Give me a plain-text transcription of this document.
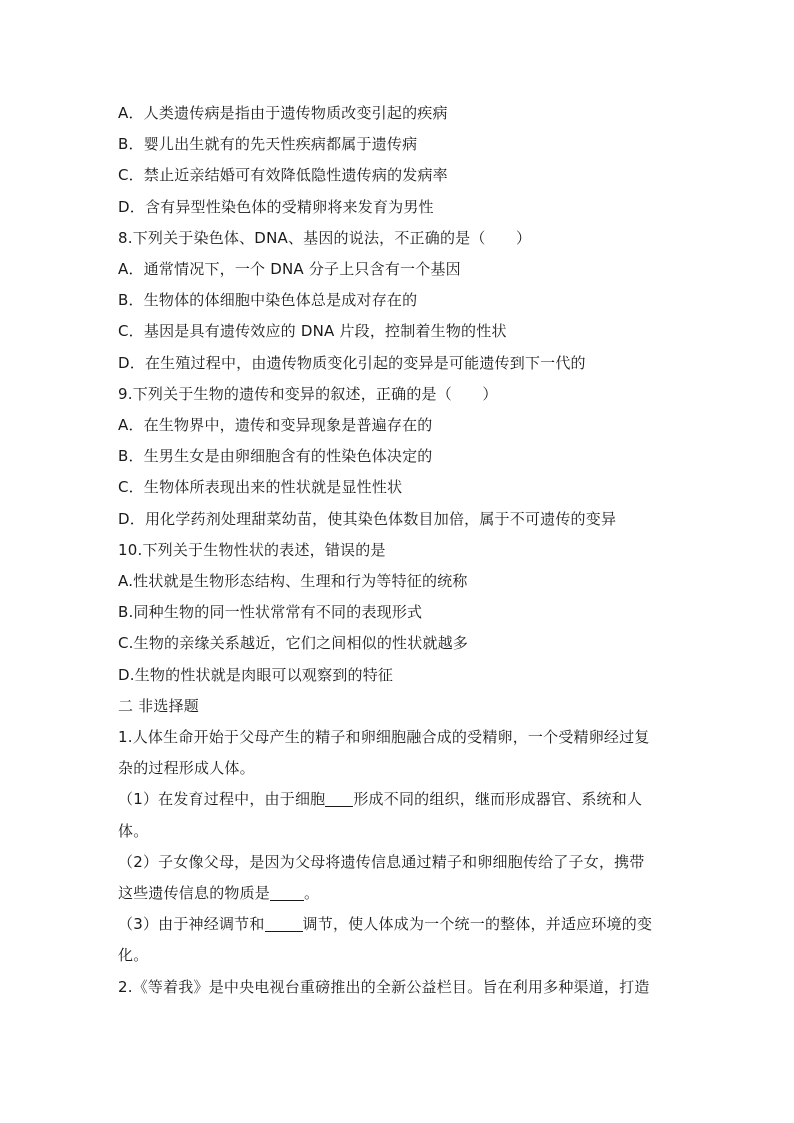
A．人类遗传病是指由于遗传物质改变引起的疾病
B．婴儿出生就有的先天性疾病都属于遗传病
C．禁止近亲结婚可有效降低隐性遗传病的发病率
D．含有异型性染色体的受精卵将来发育为男性
8.下列关于染色体、DNA、基因的说法，不正确的是（　　）
A．通常情况下，一个 DNA 分子上只含有一个基因
B．生物体的体细胞中染色体总是成对存在的
C．基因是具有遗传效应的 DNA 片段，控制着生物的性状
D．在生殖过程中，由遗传物质变化引起的变异是可能遗传到下一代的
9.下列关于生物的遗传和变异的叙述，正确的是（　　）
A．在生物界中，遗传和变异现象是普遍存在的
B．生男生女是由卵细胞含有的性染色体决定的
C．生物体所表现出来的性状就是显性性状
D．用化学药剂处理甜菜幼苗，使其染色体数目加倍，属于不可遗传的变异
10.下列关于生物性状的表述，错误的是
A.性状就是生物形态结构、生理和行为等特征的统称
B.同种生物的同一性状常常有不同的表现形式
C.生物的亲缘关系越近，它们之间相似的性状就越多
D.生物的性状就是肉眼可以观察到的特征
二 非选择题
1.人体生命开始于父母产生的精子和卵细胞融合成的受精卵，一个受精卵经过复
杂的过程形成人体。
（1）在发育过程中，由于细胞 形成不同的组织，继而形成器官、系统和人
体。
（2）子女像父母，是因为父母将遗传信息通过精子和卵细胞传给了子女，携带
这些遗传信息的物质是 。
（3）由于神经调节和	调节，使人体成为一个统一的整体，并适应环境的变
化。
2.《等着我》是中央电视台重磅推出的全新公益栏目。旨在利用多种渠道，打造
